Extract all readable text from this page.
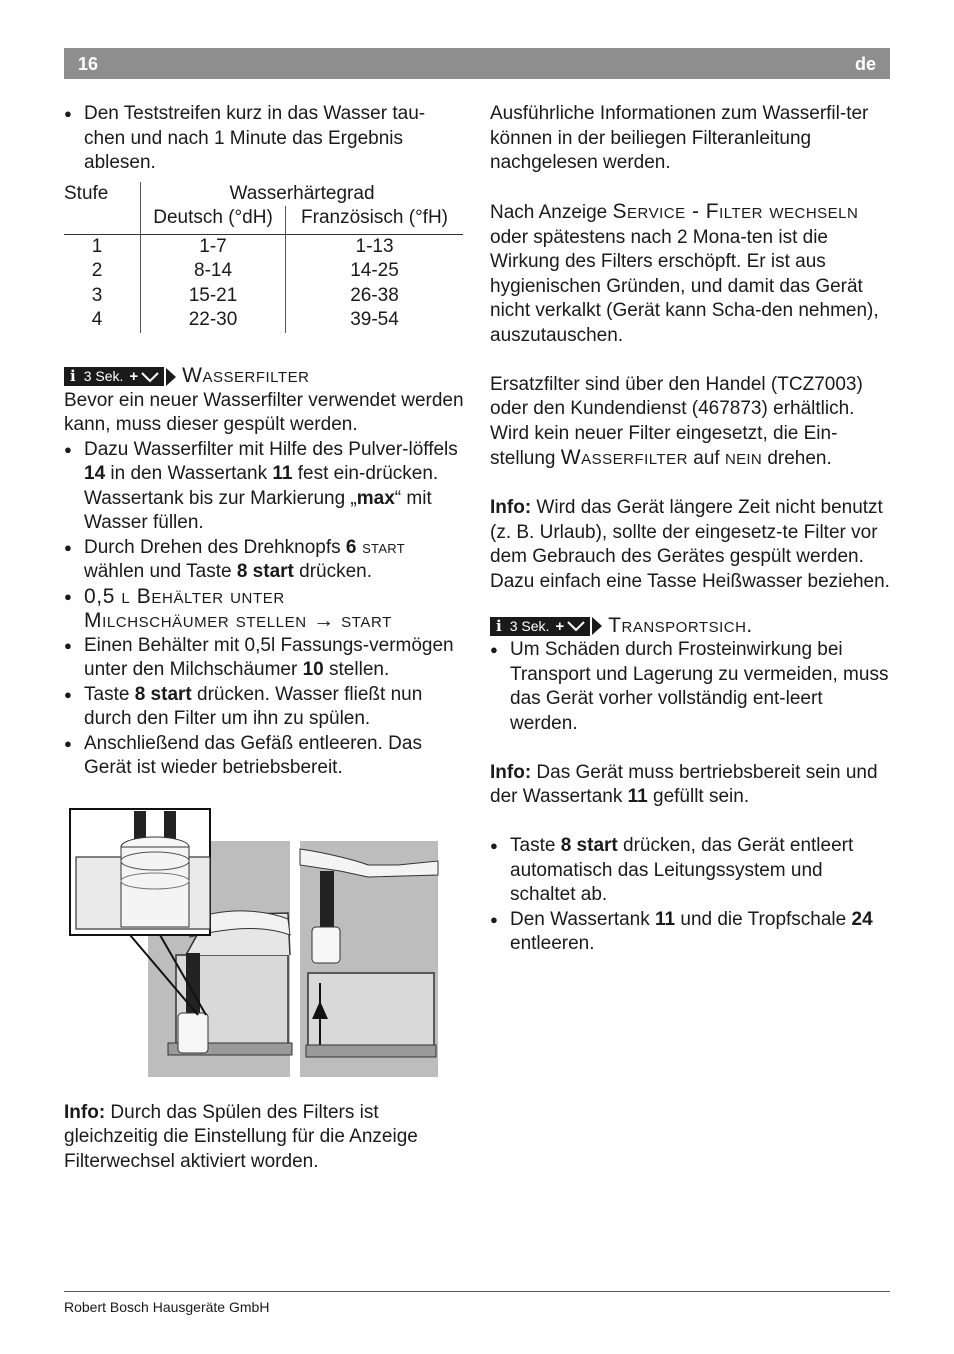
16	de

● Den Teststreifen kurz in das Wasser tau-chen und nach 1 Minute das Ergebnis ablesen.

Stufe	Wasserhärtegrad	
	Deutsch (°dH)	Französisch (°fH)
1	1-7	1-13
2	8-14	14-25
3	15-21	26-38
4	22-30	39-54
i 3 Sek. + Wasserfilter

Bevor ein neuer Wasserfilter verwendet werden kann, muss dieser gespült werden.

● Dazu Wasserfilter mit Hilfe des Pulver-löffels 14 in den Wassertank 11 fest ein-drücken. Wassertank bis zur Markierung „max“ mit Wasser füllen.

● Durch Drehen des Drehknopfs 6 start wählen und Taste 8 start drücken.

● 0,5 l Behälter unter
Milchschäumer stellen → start

● Einen Behälter mit 0,5l Fassungs-vermögen unter den Milchschäumer 10 stellen.

● Taste 8 start drücken. Wasser fließt nun durch den Filter um ihn zu spülen.

● Anschließend das Gefäß entleeren. Das Gerät ist wieder betriebsbereit.

Info: Durch das Spülen des Filters ist gleichzeitig die Einstellung für die Anzeige Filterwechsel aktiviert worden.

Ausführliche Informationen zum Wasserfil-ter können in der beiliegen Filteranleitung nachgelesen werden.

Nach Anzeige Service - Filter wechseln oder spätestens nach 2 Mona-ten ist die Wirkung des Filters erschöpft. Er ist aus hygienischen Gründen, und damit das Gerät nicht verkalkt (Gerät kann Scha-den nehmen), auszutauschen.

Ersatzfilter sind über den Handel (TCZ7003) oder den Kundendienst (467873) erhältlich. Wird kein neuer Filter eingesetzt, die Ein-stellung Wasserfilter auf nein drehen.

Info: Wird das Gerät längere Zeit nicht benutzt (z. B. Urlaub), sollte der eingesetz-te Filter vor dem Gebrauch des Gerätes gespült werden. Dazu einfach eine Tasse Heißwasser beziehen.

i 3 Sek. + Transportsich.

● Um Schäden durch Frosteinwirkung bei Transport und Lagerung zu vermeiden, muss das Gerät vorher vollständig ent-leert werden.

Info: Das Gerät muss bertriebsbereit sein und der Wassertank 11 gefüllt sein.

● Taste 8 start drücken, das Gerät entleert automatisch das Leitungssystem und schaltet ab.

● Den Wassertank 11 und die Tropfschale 24 entleeren.

Robert Bosch Hausgeräte GmbH
